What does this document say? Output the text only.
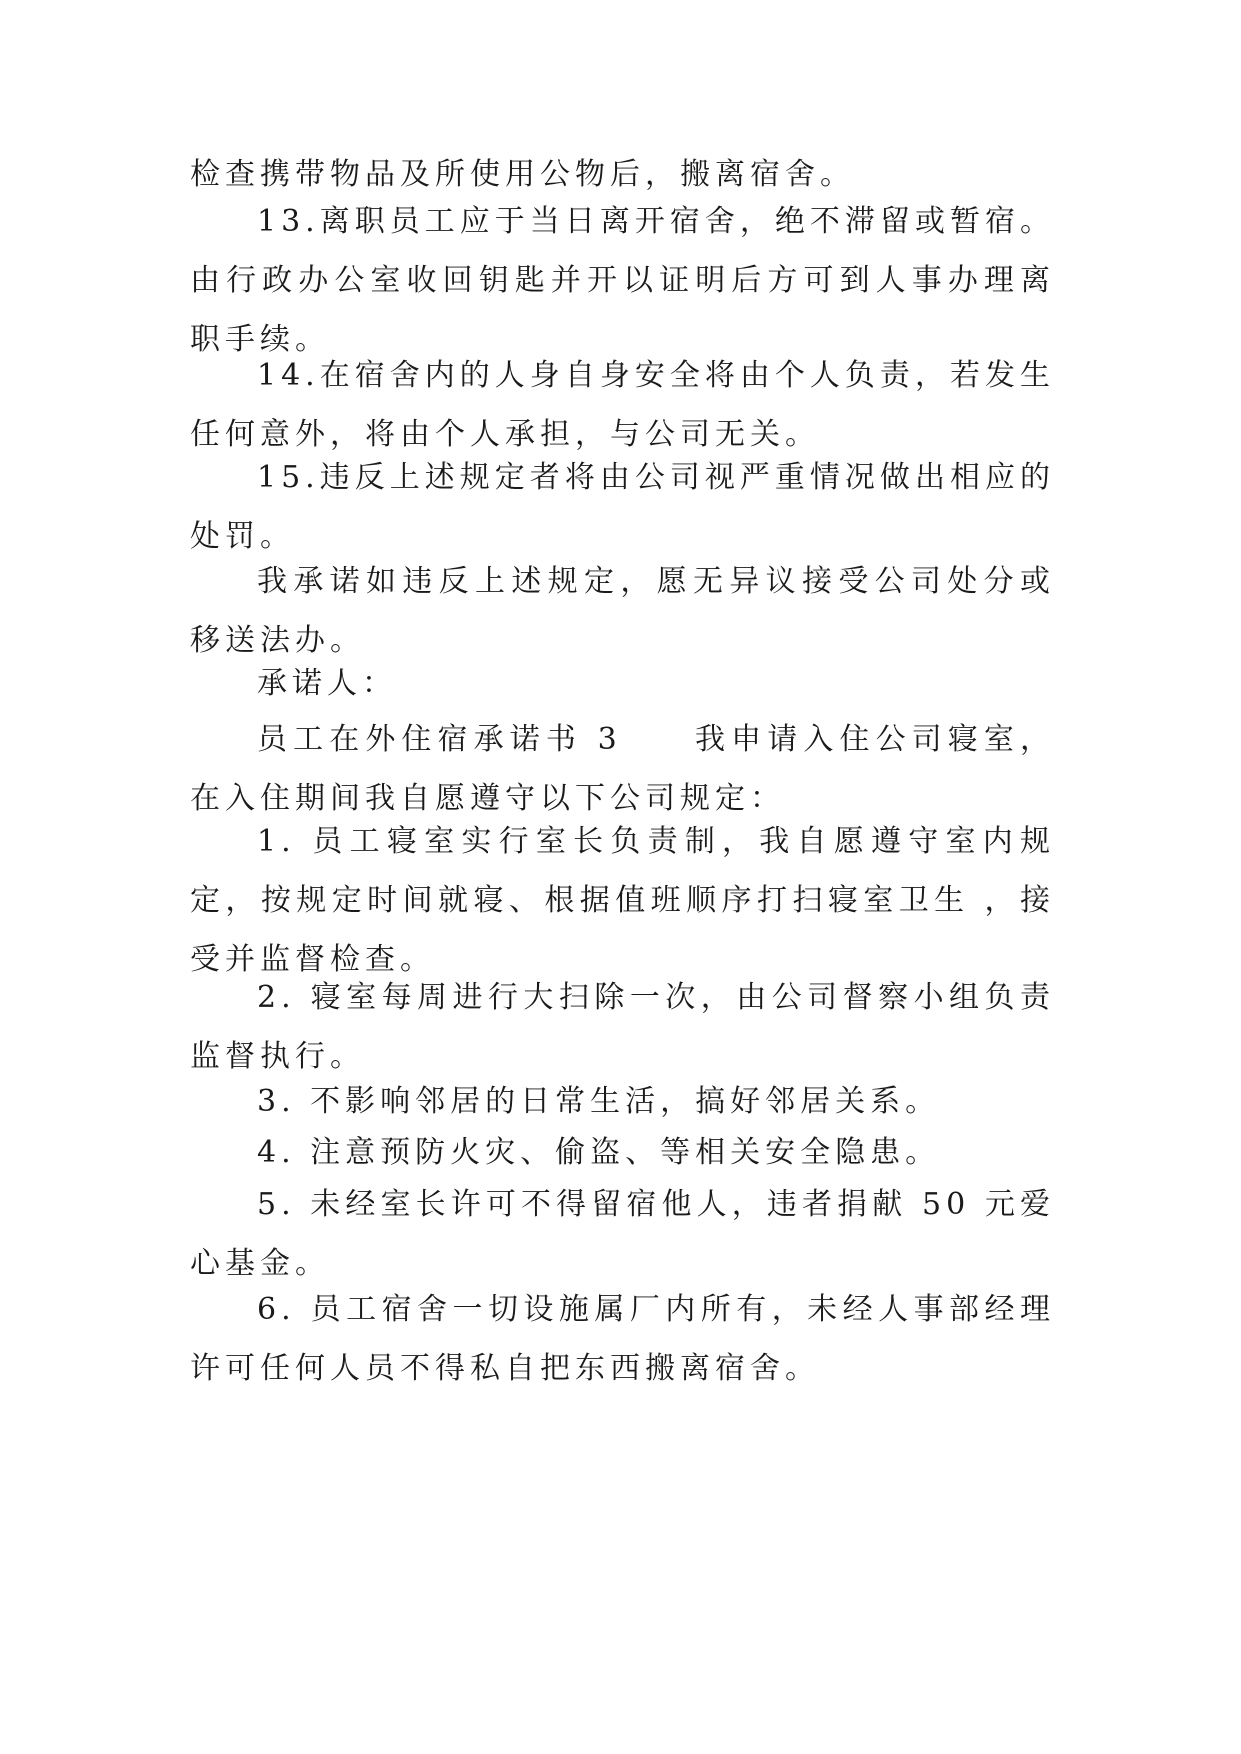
检查携带物品及所使用公物后，搬离宿舍。

13.离职员工应于当日离开宿舍，绝不滞留或暂宿。由行政办公室收回钥匙并开以证明后方可到人事办理离职手续。

14.在宿舍内的人身自身安全将由个人负责，若发生任何意外，将由个人承担，与公司无关。

15.违反上述规定者将由公司视严重情况做出相应的处罚。

我承诺如违反上述规定，愿无异议接受公司处分或移送法办。

承诺人：

员工在外住宿承诺书 3　　我申请入住公司寝室，在入住期间我自愿遵守以下公司规定：

1. 员工寝室实行室长负责制，我自愿遵守室内规定，按规定时间就寝、根据值班顺序打扫寝室卫生 ，接受并监督检查。

2. 寝室每周进行大扫除一次，由公司督察小组负责监督执行。

3. 不影响邻居的日常生活，搞好邻居关系。

4. 注意预防火灾、偷盗、等相关安全隐患。

5. 未经室长许可不得留宿他人，违者捐献 50 元爱心基金。

6. 员工宿舍一切设施属厂内所有，未经人事部经理许可任何人员不得私自把东西搬离宿舍。
